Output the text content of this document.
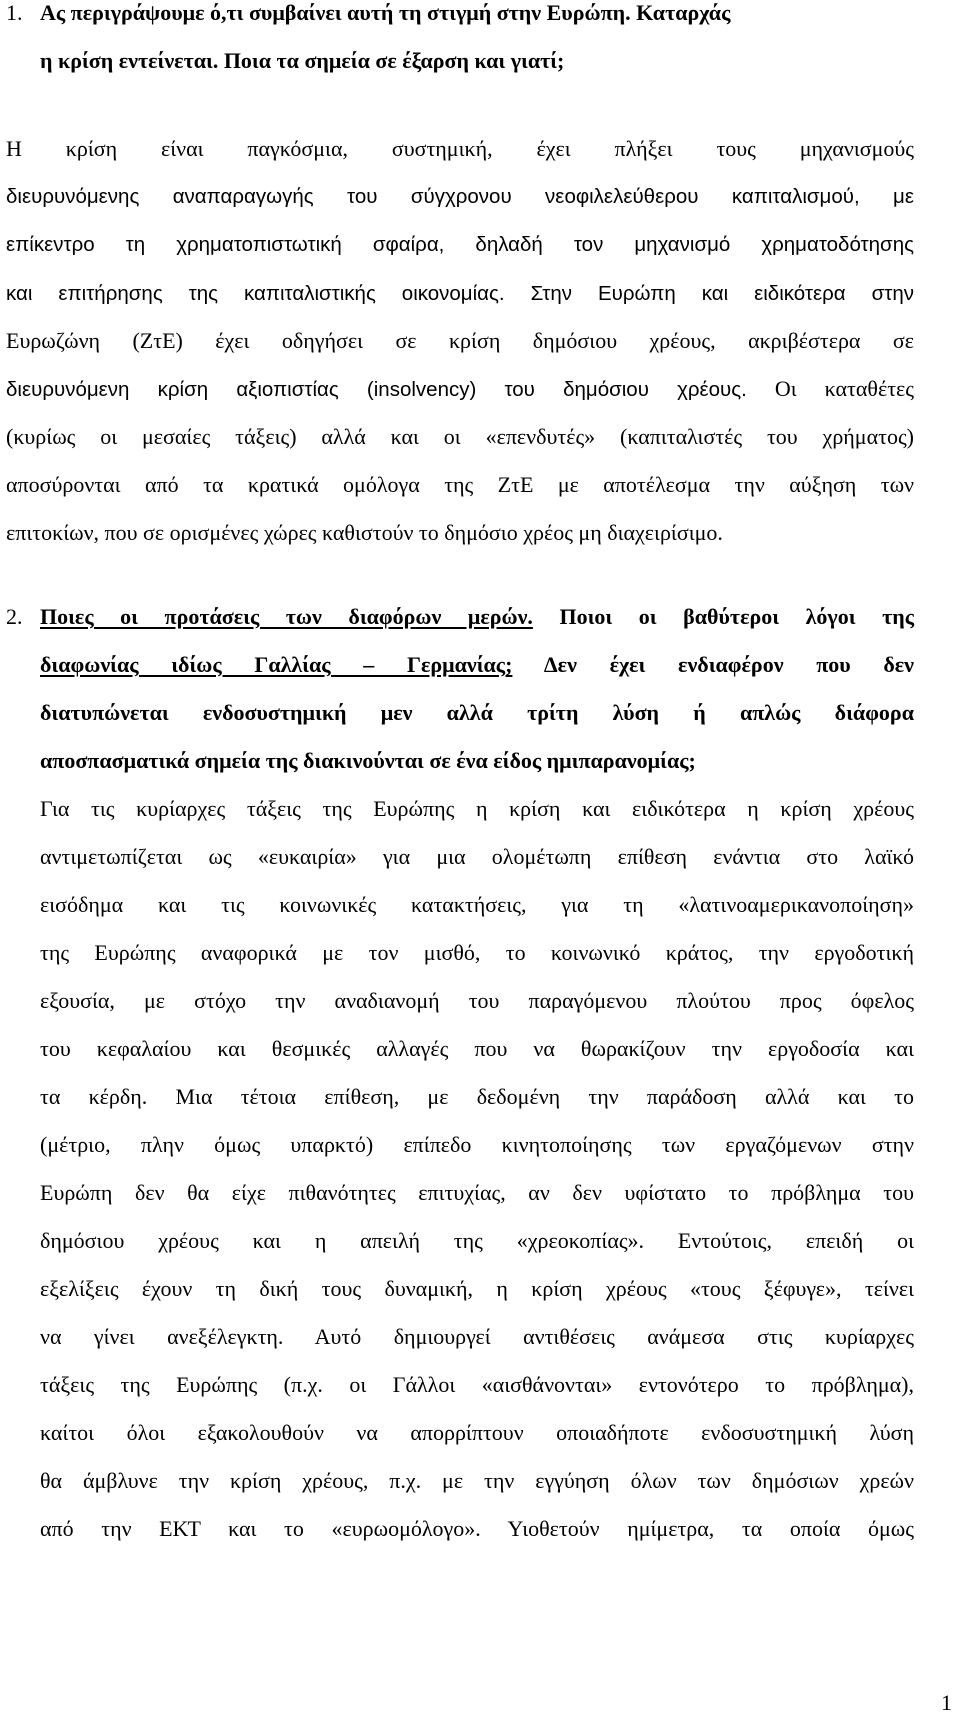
1. Ας περιγράψουμε ό,τι συμβαίνει αυτή τη στιγμή στην Ευρώπη. Καταρχάς
η κρίση εντείνεται. Ποια τα σημεία σε έξαρση και γιατί;
Η κρίση είναι παγκόσμια, συστημική, έχει πλήξει τους μηχανισμούς
διευρυνόμενης αναπαραγωγής του σύγχρονου νεοφιλελεύθερου καπιταλισμού, με
επίκεντρο τη χρηματοπιστωτική σφαίρα, δηλαδή τον μηχανισμό χρηματοδότησης
και επιτήρησης της καπιταλιστικής οικονομίας. Στην Ευρώπη και ειδικότερα στην
Ευρωζώνη (ΖτΕ) έχει οδηγήσει σε κρίση δημόσιου χρέους, ακριβέστερα σε
διευρυνόμενη κρίση αξιοπιστίας (insolvency) του δημόσιου χρέους. Οι καταθέτες
(κυρίως οι μεσαίες τάξεις) αλλά και οι «επενδυτές» (καπιταλιστές του χρήματος)
αποσύρονται από τα κρατικά ομόλογα της ΖτΕ με αποτέλεσμα την αύξηση των
επιτοκίων, που σε ορισμένες χώρες καθιστούν το δημόσιο χρέος μη διαχειρίσιμο.
2. Ποιες οι προτάσεις των διαφόρων μερών. Ποιοι οι βαθύτεροι λόγοι της
διαφωνίας ιδίως Γαλλίας – Γερμανίας; Δεν έχει ενδιαφέρον που δεν
διατυπώνεται ενδοσυστημική μεν αλλά τρίτη λύση ή απλώς διάφορα
αποσπασματικά σημεία της διακινούνται σε ένα είδος ημιπαρανομίας;
Για τις κυρίαρχες τάξεις της Ευρώπης η κρίση και ειδικότερα η κρίση χρέους
αντιμετωπίζεται ως «ευκαιρία» για μια ολομέτωπη επίθεση ενάντια στο λαϊκό
εισόδημα και τις κοινωνικές κατακτήσεις, για τη «λατινοαμερικανοποίηση»
της Ευρώπης αναφορικά με τον μισθό, το κοινωνικό κράτος, την εργοδοτική
εξουσία, με στόχο την αναδιανομή του παραγόμενου πλούτου προς όφελος
του κεφαλαίου και θεσμικές αλλαγές που να θωρακίζουν την εργοδοσία και
τα κέρδη. Μια τέτοια επίθεση, με δεδομένη την παράδοση αλλά και το
(μέτριο, πλην όμως υπαρκτό) επίπεδο κινητοποίησης των εργαζόμενων στην
Ευρώπη δεν θα είχε πιθανότητες επιτυχίας, αν δεν υφίστατο το πρόβλημα του
δημόσιου χρέους και η απειλή της «χρεοκοπίας». Εντούτοις, επειδή οι
εξελίξεις έχουν τη δική τους δυναμική, η κρίση χρέους «τους ξέφυγε», τείνει
να γίνει ανεξέλεγκτη. Αυτό δημιουργεί αντιθέσεις ανάμεσα στις κυρίαρχες
τάξεις της Ευρώπης (π.χ. οι Γάλλοι «αισθάνονται» εντονότερο το πρόβλημα),
καίτοι όλοι εξακολουθούν να απορρίπτουν οποιαδήποτε ενδοσυστημική λύση
θα άμβλυνε την κρίση χρέους, π.χ. με την εγγύηση όλων των δημόσιων χρεών
από την ΕΚΤ και το «ευρωομόλογο». Υιοθετούν ημίμετρα, τα οποία όμως
1
